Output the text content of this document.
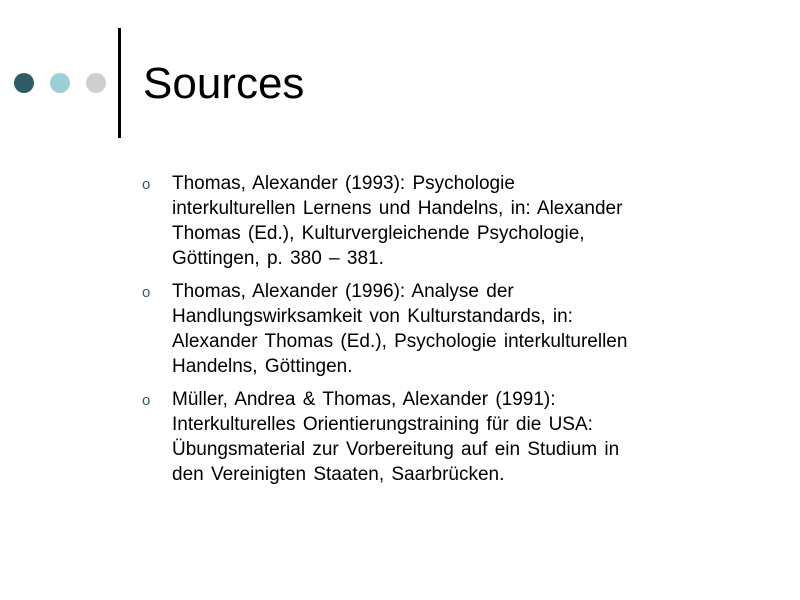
Sources
o	Thomas, Alexander (1993): Psychologie
interkulturellen Lernens und Handelns, in: Alexander
Thomas (Ed.), Kulturvergleichende Psychologie,
Göttingen, p. 380 – 381.
o	Thomas, Alexander (1996): Analyse der
Handlungswirksamkeit von Kulturstandards, in:
Alexander Thomas (Ed.), Psychologie interkulturellen
Handelns, Göttingen.
o	Müller, Andrea & Thomas, Alexander (1991):
Interkulturelles Orientierungstraining für die USA:
Übungsmaterial zur Vorbereitung auf ein Studium in
den Vereinigten Staaten, Saarbrücken.
